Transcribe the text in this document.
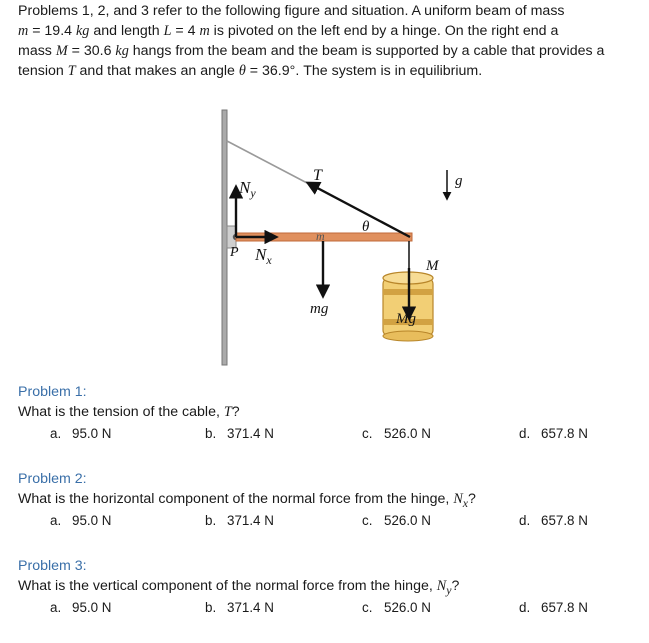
Problems 1, 2, and 3 refer to the following figure and situation. A uniform beam of mass
m = 19.4 kg and length L = 4 m is pivoted on the left end by a hinge. On the right end a
mass M = 30.6 kg hangs from the beam and the beam is supported by a cable that provides a
tension T and that makes an angle θ = 36.9°. The system is in equilibrium.
$N_y$
P $N_x$
T
θ
m
g
M
mg
Mg
Problem 1:
What is the tension of the cable, T?
a. 95.0 N	b. 371.4 N	c. 526.0 N	d. 657.8 N
Problem 2:
What is the horizontal component of the normal force from the hinge, $N_x$?
a. 95.0 N	b. 371.4 N	c. 526.0 N	d. 657.8 N
Problem 3:
What is the vertical component of the normal force from the hinge, $N_y$?
a. 95.0 N	b. 371.4 N	c. 526.0 N	d. 657.8 N
